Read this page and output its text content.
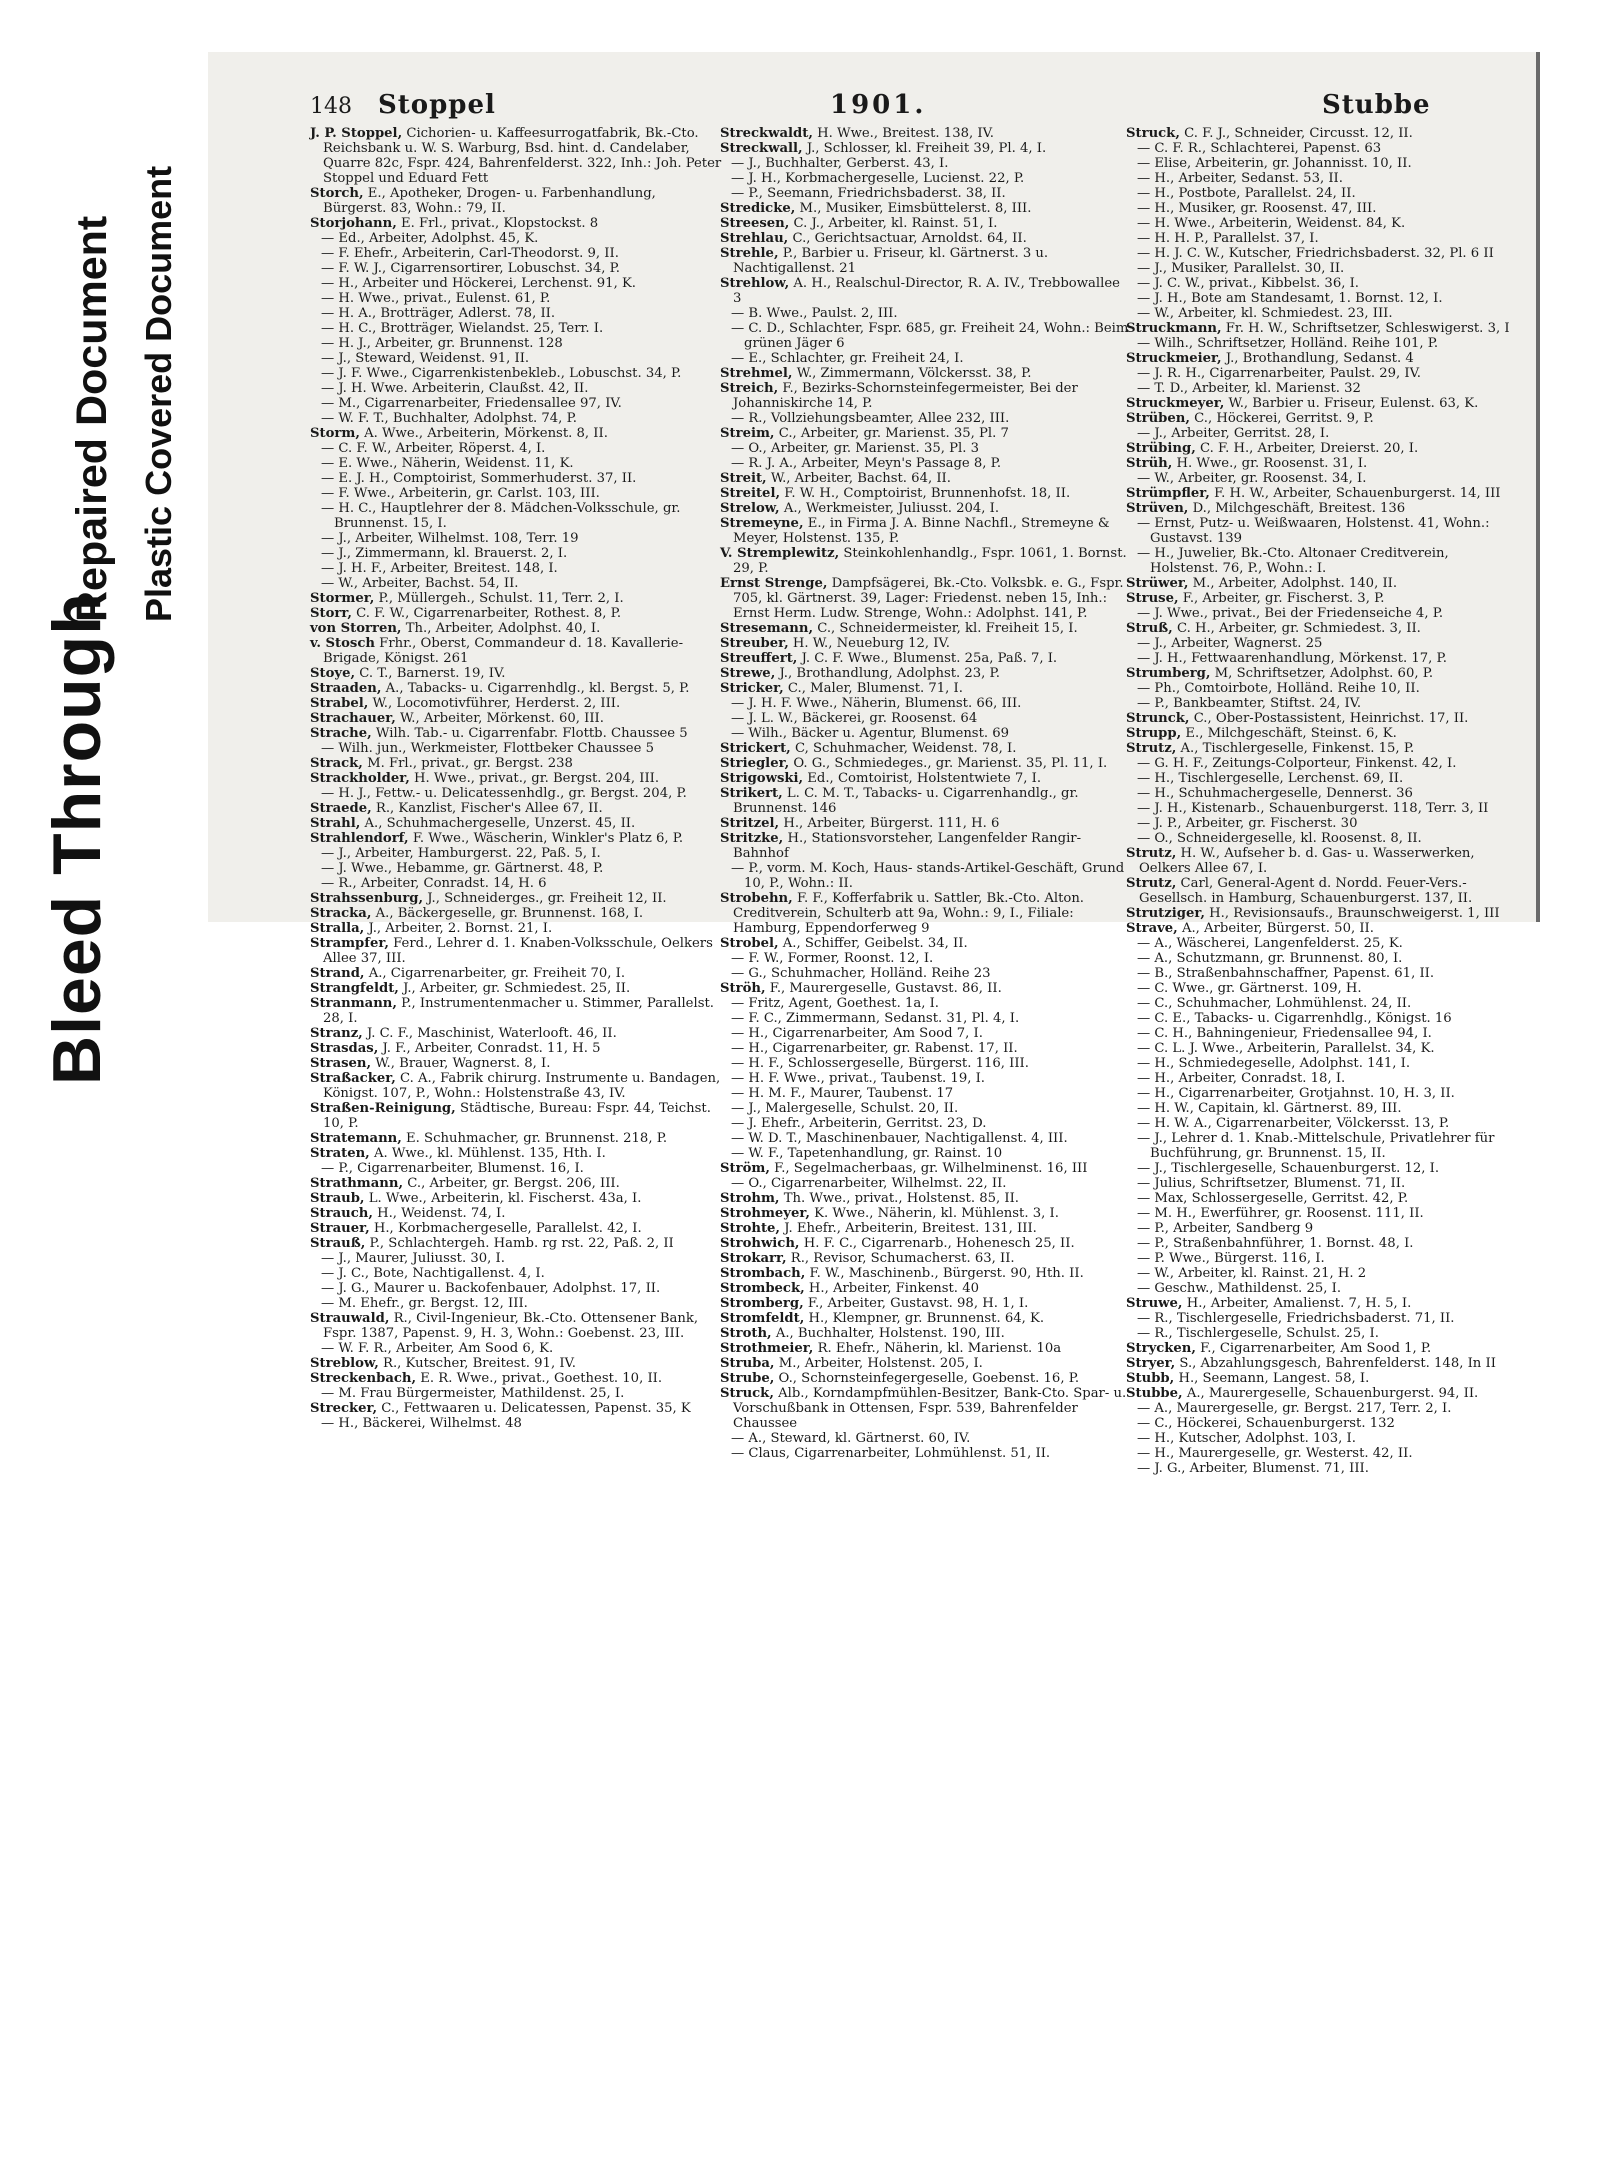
Bleed Through
Repaired Document Plastic Covered Document
148 Stoppel	1901.	Stubbe

J. P. Stoppel, Cichorien- u. Kaffeesurrogatfabrik, Bk.-Cto. Reichsbank u. W. S. Warburg, Bsd. hint. d. Candelaber, Quarre 82c, Fspr. 424, Bahrenfelderst. 322, Inh.: Joh. Peter Stoppel und Eduard Fett

Storch, E., Apotheker, Drogen- u. Farbenhandlung, Bürgerst. 83, Wohn.: 79, II.

Storjohann, E. Frl., privat., Klopstockst. 8

— Ed., Arbeiter, Adolphst. 45, K.

— F. Ehefr., Arbeiterin, Carl-Theodorst. 9, II.

— F. W. J., Cigarrensortirer, Lobuschst. 34, P.

— H., Arbeiter und Höckerei, Lerchenst. 91, K.

— H. Wwe., privat., Eulenst. 61, P.

— H. A., Brotträger, Adlerst. 78, II.

— H. C., Brotträger, Wielandst. 25, Terr. I.

— H. J., Arbeiter, gr. Brunnenst. 128

— J., Steward, Weidenst. 91, II.

— J. F. Wwe., Cigarrenkistenbekleb., Lobuschst. 34, P.

— J. H. Wwe. Arbeiterin, Claußst. 42, II.

— M., Cigarrenarbeiter, Friedensallee 97, IV.

— W. F. T., Buchhalter, Adolphst. 74, P.

Storm, A. Wwe., Arbeiterin, Mörkenst. 8, II.

— C. F. W., Arbeiter, Röperst. 4, I.

— E. Wwe., Näherin, Weidenst. 11, K.

— E. J. H., Comptoirist, Sommerhuderst. 37, II.

— F. Wwe., Arbeiterin, gr. Carlst. 103, III.

— H. C., Hauptlehrer der 8. Mädchen-Volksschule, gr. Brunnenst. 15, I.

— J., Arbeiter, Wilhelmst. 108, Terr. 19

— J., Zimmermann, kl. Brauerst. 2, I.

— J. H. F., Arbeiter, Breitest. 148, I.

— W., Arbeiter, Bachst. 54, II.

Stormer, P., Müllergeh., Schulst. 11, Terr. 2, I.

Storr, C. F. W., Cigarrenarbeiter, Rothest. 8, P.

von Storren, Th., Arbeiter, Adolphst. 40, I.

v. Stosch Frhr., Oberst, Commandeur d. 18. Kavallerie-Brigade, Königst. 261

Stoye, C. T., Barnerst. 19, IV.

Straaden, A., Tabacks- u. Cigarrenhdlg., kl. Bergst. 5, P.

Strabel, W., Locomotivführer, Herderst. 2, III.

Strachauer, W., Arbeiter, Mörkenst. 60, III.

Strache, Wilh. Tab.- u. Cigarrenfabr. Flottb. Chaussee 5

— Wilh. jun., Werkmeister, Flottbeker Chaussee 5

Strack, M. Frl., privat., gr. Bergst. 238

Strackholder, H. Wwe., privat., gr. Bergst. 204, III.

— H. J., Fettw.- u. Delicatessenhdlg., gr. Bergst. 204, P.

Straede, R., Kanzlist, Fischer's Allee 67, II.

Strahl, A., Schuhmachergeselle, Unzerst. 45, II.

Strahlendorf, F. Wwe., Wäscherin, Winkler's Platz 6, P.

— J., Arbeiter, Hamburgerst. 22, Paß. 5, I.

— J. Wwe., Hebamme, gr. Gärtnerst. 48, P.

— R., Arbeiter, Conradst. 14, H. 6

Strahssenburg, J., Schneiderges., gr. Freiheit 12, II.

Stracka, A., Bäckergeselle, gr. Brunnenst. 168, I.

Stralla, J., Arbeiter, 2. Bornst. 21, I.

Strampfer, Ferd., Lehrer d. 1. Knaben-Volksschule, Oelkers Allee 37, III.

Strand, A., Cigarrenarbeiter, gr. Freiheit 70, I.

Strangfeldt, J., Arbeiter, gr. Schmiedest. 25, II.

Stranmann, P., Instrumentenmacher u. Stimmer, Parallelst. 28, I.

Stranz, J. C. F., Maschinist, Waterlooft. 46, II.

Strasdas, J. F., Arbeiter, Conradst. 11, H. 5

Strasen, W., Brauer, Wagnerst. 8, I.

Straßacker, C. A., Fabrik chirurg. Instrumente u. Bandagen, Königst. 107, P., Wohn.: Holstenstraße 43, IV.

Straßen-Reinigung, Städtische, Bureau: Fspr. 44, Teichst. 10, P.

Stratemann, E. Schuhmacher, gr. Brunnenst. 218, P.

Straten, A. Wwe., kl. Mühlenst. 135, Hth. I.

— P., Cigarrenarbeiter, Blumenst. 16, I.

Strathmann, C., Arbeiter, gr. Bergst. 206, III.

Straub, L. Wwe., Arbeiterin, kl. Fischerst. 43a, I.

Strauch, H., Weidenst. 74, I.

Strauer, H., Korbmachergeselle, Parallelst. 42, I.

Strauß, P., Schlachtergeh. Hamb. rg rst. 22, Paß. 2, II

— J., Maurer, Juliusst. 30, I.

— J. C., Bote, Nachtigallenst. 4, I.

— J. G., Maurer u. Backofenbauer, Adolphst. 17, II.

— M. Ehefr., gr. Bergst. 12, III.

Strauwald, R., Civil-Ingenieur, Bk.-Cto. Ottensener Bank, Fspr. 1387, Papenst. 9, H. 3, Wohn.: Goebenst. 23, III.

— W. F. R., Arbeiter, Am Sood 6, K.

Streblow, R., Kutscher, Breitest. 91, IV.

Streckenbach, E. R. Wwe., privat., Goethest. 10, II.

— M. Frau Bürgermeister, Mathildenst. 25, I.

Strecker, C., Fettwaaren u. Delicatessen, Papenst. 35, K

— H., Bäckerei, Wilhelmst. 48

Streckwaldt, H. Wwe., Breitest. 138, IV.

Streckwall, J., Schlosser, kl. Freiheit 39, Pl. 4, I.

— J., Buchhalter, Gerberst. 43, I.

— J. H., Korbmachergeselle, Lucienst. 22, P.

— P., Seemann, Friedrichsbaderst. 38, II.

Stredicke, M., Musiker, Eimsbüttelerst. 8, III.

Streesen, C. J., Arbeiter, kl. Rainst. 51, I.

Strehlau, C., Gerichtsactuar, Arnoldst. 64, II.

Strehle, P., Barbier u. Friseur, kl. Gärtnerst. 3 u. Nachtigallenst. 21

Strehlow, A. H., Realschul-Director, R. A. IV., Trebbowallee 3

— B. Wwe., Paulst. 2, III.

— C. D., Schlachter, Fspr. 685, gr. Freiheit 24, Wohn.: Beim grünen Jäger 6

— E., Schlachter, gr. Freiheit 24, I.

Strehmel, W., Zimmermann, Völckersst. 38, P.

Streich, F., Bezirks-Schornsteinfegermeister, Bei der Johanniskirche 14, P.

— R., Vollziehungsbeamter, Allee 232, III.

Streim, C., Arbeiter, gr. Marienst. 35, Pl. 7

— O., Arbeiter, gr. Marienst. 35, Pl. 3

— R. J. A., Arbeiter, Meyn's Passage 8, P.

Streit, W., Arbeiter, Bachst. 64, II.

Streitel, F. W. H., Comptoirist, Brunnenhofst. 18, II.

Strelow, A., Werkmeister, Juliusst. 204, I.

Stremeyne, E., in Firma J. A. Binne Nachfl., Stremeyne & Meyer, Holstenst. 135, P.

V. Stremplewitz, Steinkohlenhandlg., Fspr. 1061, 1. Bornst. 29, P.

Ernst Strenge, Dampfsägerei, Bk.-Cto. Volksbk. e. G., Fspr. 705, kl. Gärtnerst. 39, Lager: Friedenst. neben 15, Inh.: Ernst Herm. Ludw. Strenge, Wohn.: Adolphst. 141, P.

Stresemann, C., Schneidermeister, kl. Freiheit 15, I.

Streuber, H. W., Neueburg 12, IV.

Streuffert, J. C. F. Wwe., Blumenst. 25a, Paß. 7, I.

Strewe, J., Brothandlung, Adolphst. 23, P.

Stricker, C., Maler, Blumenst. 71, I.

— J. H. F. Wwe., Näherin, Blumenst. 66, III.

— J. L. W., Bäckerei, gr. Roosenst. 64

— Wilh., Bäcker u. Agentur, Blumenst. 69

Strickert, C, Schuhmacher, Weidenst. 78, I.

Striegler, O. G., Schmiedeges., gr. Marienst. 35, Pl. 11, I.

Strigowski, Ed., Comtoirist, Holstentwiete 7, I.

Strikert, L. C. M. T., Tabacks- u. Cigarrenhandlg., gr. Brunnenst. 146

Stritzel, H., Arbeiter, Bürgerst. 111, H. 6

Stritzke, H., Stationsvorsteher, Langenfelder Rangir-Bahnhof

— P., vorm. M. Koch, Haus- stands-Artikel-Geschäft, Grund 10, P., Wohn.: II.

Strobehn, F. F., Kofferfabrik u. Sattler, Bk.-Cto. Alton. Creditverein, Schulterb att 9a, Wohn.: 9, I., Filiale: Hamburg, Eppendorferweg 9

Strobel, A., Schiffer, Geibelst. 34, II.

— F. W., Former, Roonst. 12, I.

— G., Schuhmacher, Holländ. Reihe 23

Ströh, F., Maurergeselle, Gustavst. 86, II.

— Fritz, Agent, Goethest. 1a, I.

— F. C., Zimmermann, Sedanst. 31, Pl. 4, I.

— H., Cigarrenarbeiter, Am Sood 7, I.

— H., Cigarrenarbeiter, gr. Rabenst. 17, II.

— H. F., Schlossergeselle, Bürgerst. 116, III.

— H. F. Wwe., privat., Taubenst. 19, I.

— H. M. F., Maurer, Taubenst. 17

— J., Malergeselle, Schulst. 20, II.

— J. Ehefr., Arbeiterin, Gerritst. 23, D.

— W. D. T., Maschinenbauer, Nachtigallenst. 4, III.

— W. F., Tapetenhandlung, gr. Rainst. 10

Ström, F., Segelmacherbaas, gr. Wilhelminenst. 16, III

— O., Cigarrenarbeiter, Wilhelmst. 22, II.

Strohm, Th. Wwe., privat., Holstenst. 85, II.

Strohmeyer, K. Wwe., Näherin, kl. Mühlenst. 3, I.

Strohte, J. Ehefr., Arbeiterin, Breitest. 131, III.

Strohwich, H. F. C., Cigarrenarb., Hohenesch 25, II.

Strokarr, R., Revisor, Schumacherst. 63, II.

Strombach, F. W., Maschinenb., Bürgerst. 90, Hth. II.

Strombeck, H., Arbeiter, Finkenst. 40

Stromberg, F., Arbeiter, Gustavst. 98, H. 1, I.

Stromfeldt, H., Klempner, gr. Brunnenst. 64, K.

Stroth, A., Buchhalter, Holstenst. 190, III.

Strothmeier, R. Ehefr., Näherin, kl. Marienst. 10a

Struba, M., Arbeiter, Holstenst. 205, I.

Strube, O., Schornsteinfegergeselle, Goebenst. 16, P.

Struck, Alb., Korndampfmühlen-Besitzer, Bank-Cto. Spar- u. Vorschußbank in Ottensen, Fspr. 539, Bahrenfelder Chaussee

— A., Steward, kl. Gärtnerst. 60, IV.

— Claus, Cigarrenarbeiter, Lohmühlenst. 51, II.

Struck, C. F. J., Schneider, Circusst. 12, II.

— C. F. R., Schlachterei, Papenst. 63

— Elise, Arbeiterin, gr. Johannisst. 10, II.

— H., Arbeiter, Sedanst. 53, II.

— H., Postbote, Parallelst. 24, II.

— H., Musiker, gr. Roosenst. 47, III.

— H. Wwe., Arbeiterin, Weidenst. 84, K.

— H. H. P., Parallelst. 37, I.

— H. J. C. W., Kutscher, Friedrichsbaderst. 32, Pl. 6 II

— J., Musiker, Parallelst. 30, II.

— J. C. W., privat., Kibbelst. 36, I.

— J. H., Bote am Standesamt, 1. Bornst. 12, I.

— W., Arbeiter, kl. Schmiedest. 23, III.

Struckmann, Fr. H. W., Schriftsetzer, Schleswigerst. 3, I

— Wilh., Schriftsetzer, Holländ. Reihe 101, P.

Struckmeier, J., Brothandlung, Sedanst. 4

— J. R. H., Cigarrenarbeiter, Paulst. 29, IV.

— T. D., Arbeiter, kl. Marienst. 32

Struckmeyer, W., Barbier u. Friseur, Eulenst. 63, K.

Strüben, C., Höckerei, Gerritst. 9, P.

— J., Arbeiter, Gerritst. 28, I.

Strübing, C. F. H., Arbeiter, Dreierst. 20, I.

Strüh, H. Wwe., gr. Roosenst. 31, I.

— W., Arbeiter, gr. Roosenst. 34, I.

Strümpfler, F. H. W., Arbeiter, Schauenburgerst. 14, III

Strüven, D., Milchgeschäft, Breitest. 136

— Ernst, Putz- u. Weißwaaren, Holstenst. 41, Wohn.: Gustavst. 139

— H., Juwelier, Bk.-Cto. Altonaer Creditverein, Holstenst. 76, P., Wohn.: I.

Strüwer, M., Arbeiter, Adolphst. 140, II.

Struse, F., Arbeiter, gr. Fischerst. 3, P.

— J. Wwe., privat., Bei der Friedenseiche 4, P.

Struß, C. H., Arbeiter, gr. Schmiedest. 3, II.

— J., Arbeiter, Wagnerst. 25

— J. H., Fettwaarenhandlung, Mörkenst. 17, P.

Strumberg, M, Schriftsetzer, Adolphst. 60, P.

— Ph., Comtoirbote, Holländ. Reihe 10, II.

— P., Bankbeamter, Stiftst. 24, IV.

Strunck, C., Ober-Postassistent, Heinrichst. 17, II.

Strupp, E., Milchgeschäft, Steinst. 6, K.

Strutz, A., Tischlergeselle, Finkenst. 15, P.

— G. H. F., Zeitungs-Colporteur, Finkenst. 42, I.

— H., Tischlergeselle, Lerchenst. 69, II.

— H., Schuhmachergeselle, Dennerst. 36

— J. H., Kistenarb., Schauenburgerst. 118, Terr. 3, II

— J. P., Arbeiter, gr. Fischerst. 30

— O., Schneidergeselle, kl. Roosenst. 8, II.

Strutz, H. W., Aufseher b. d. Gas- u. Wasserwerken, Oelkers Allee 67, I.

Strutz, Carl, General-Agent d. Nordd. Feuer-Vers.-Gesellsch. in Hamburg, Schauenburgerst. 137, II.

Strutziger, H., Revisionsaufs., Braunschweigerst. 1, III

Strave, A., Arbeiter, Bürgerst. 50, II.

— A., Wäscherei, Langenfelderst. 25, K.

— A., Schutzmann, gr. Brunnenst. 80, I.

— B., Straßenbahnschaffner, Papenst. 61, II.

— C. Wwe., gr. Gärtnerst. 109, H.

— C., Schuhmacher, Lohmühlenst. 24, II.

— C. E., Tabacks- u. Cigarrenhdlg., Königst. 16

— C. H., Bahningenieur, Friedensallee 94, I.

— C. L. J. Wwe., Arbeiterin, Parallelst. 34, K.

— H., Schmiedegeselle, Adolphst. 141, I.

— H., Arbeiter, Conradst. 18, I.

— H., Cigarrenarbeiter, Grotjahnst. 10, H. 3, II.

— H. W., Capitain, kl. Gärtnerst. 89, III.

— H. W. A., Cigarrenarbeiter, Völckersst. 13, P.

— J., Lehrer d. 1. Knab.-Mittelschule, Privatlehrer für Buchführung, gr. Brunnenst. 15, II.

— J., Tischlergeselle, Schauenburgerst. 12, I.

— Julius, Schriftsetzer, Blumenst. 71, II.

— Max, Schlossergeselle, Gerritst. 42, P.

— M. H., Ewerführer, gr. Roosenst. 111, II.

— P., Arbeiter, Sandberg 9

— P., Straßenbahnführer, 1. Bornst. 48, I.

— P. Wwe., Bürgerst. 116, I.

— W., Arbeiter, kl. Rainst. 21, H. 2

— Geschw., Mathildenst. 25, I.

Struwe, H., Arbeiter, Amalienst. 7, H. 5, I.

— R., Tischlergeselle, Friedrichsbaderst. 71, II.

— R., Tischlergeselle, Schulst. 25, I.

Strycken, F., Cigarrenarbeiter, Am Sood 1, P.

Stryer, S., Abzahlungsgesch, Bahrenfelderst. 148, In II

Stubb, H., Seemann, Langest. 58, I.

Stubbe, A., Maurergeselle, Schauenburgerst. 94, II.

— A., Maurergeselle, gr. Bergst. 217, Terr. 2, I.

— C., Höckerei, Schauenburgerst. 132

— H., Kutscher, Adolphst. 103, I.

— H., Maurergeselle, gr. Westerst. 42, II.

— J. G., Arbeiter, Blumenst. 71, III.
